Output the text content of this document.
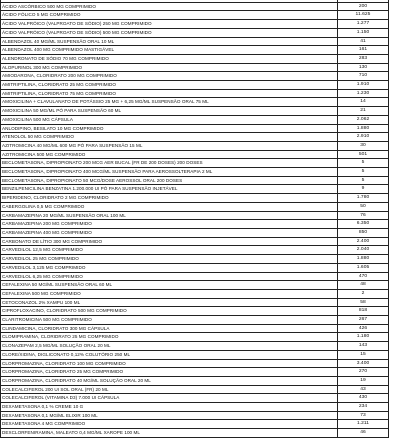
ÁCIDO ASCÓRBICO 500 MG COMPRIMIDO	200
ÁCIDO FÓLICO 5 MG COMPRIMIDO	11.625
ÁCIDO VALPRÓICO (VALPROATO DE SÓDIO) 250 MG COMPRIMIDO	1.277
ÁCIDO VALPRÓICO (VALPROATO DE SÓDIO) 500 MG COMPRIMIDO	1.150
ALBENDAZOL 40 MG/ML SUSPENSÃO ORAL 10 ML	41
ALBENDAZOL 400 MG COMPRIMIDO MASTIGÁVEL	161
ALENDRONATO DE SÓDIO 70 MG COMPRIMIDO	283
ALOPURINOL 300 MG COMPRIMIDO	130
AMIODARONA, CLORIDRATO 200 MG COMPRIMIDO	710
AMITRIPTILINA, CLORIDRATO 25 MG COMPRIMIDO	1.910
AMITRIPTILINA, CLORIDRATO 75 MG COMPRIMIDO	1.230
AMOXICILINA + CLAVULANATO DE POTÁSSIO 25 MG + 6,25 MG/ML SUSPENSÃO ORAL 75 ML	14
AMOXICILINA 50 MG/ML PÓ PARA SUSPENSÃO 60 ML	21
AMOXICILINA 500 MG CÁPSULA	2.062
ANLODIPINO, BESILATO 10 MG COMPRIMIDO	1.880
ATENOLOL 50 MG COMPRIMIDO	2.910
AZITROMICINA 40 MG/ML 600 MG PÓ PARA SUSPENSÃO 15 ML	30
AZITROMICINA 500 MG COMPRIMIDO	501
BECLOMETASONA, DIPROPIONATO 200 MCG AER BUCAL (FR DE 200 DOSES) 200 DOSES	5
BECLOMETASONA, DIPROPIONATO 400 MCG/ML SUSPENSÃO PARA AEROSSOLTERAPIA 2 ML	5
BECLOMETASONA, DIPROPIONATO 50 MCG/DOSE AEROSSOL ORAL 200 DOSES	5
BENZILPENICILINA BENZATINA 1.200.000 UI PÓ PARA SUSPENSÃO INJETÁVEL	9
BIPERIDENO, CLORIDRATO 2 MG COMPRIMIDO	1.780
CABERGOLINA 0,5 MG COMPRIMIDO	50
CARBAMAZEPINA 20 MG/ML SUSPENSÃO ORAL 100 ML	76
CARBAMAZEPINA 200 MG COMPRIMIDO	6.350
CARBAMAZEPINA 400 MG COMPRIMIDO	850
CARBONATO DE LÍTIO 300 MG COMPRIMIDO	2.400
CARVEDILOL 12,5 MG COMPRIMIDO	2.040
CARVEDILOL 25 MG COMPRIMIDO	1.880
CARVEDILOL 3,125 MG COMPRIMIDO	1.605
CARVEDILOL 6,25 MG COMPRIMIDO	470
CEFALEXINA 50 MG/ML SUSPENSÃO ORAL 60 ML	48
CEFALEXINA 500 MG COMPRIMIDO	2
CETOCONAZOL 2% XAMPU 100 ML	58
CIPROFLOXACINO, CLORIDRATO 500 MG COMPRIMIDO	818
CLARITROMICINA 500 MG COMPRIMIDO	267
CLINDAMICINA, CLORIDRATO 300 MG CÁPSULA	426
CLOMIPRAMINA, CLORIDRATO 25 MG COMPRIMIDO	1.180
CLONAZEPAM 2,5 MG/ML SOLUÇÃO ORAL 20 ML	143
CLORE/XIDINA, DIGLICONATO 0,12% COLUTÓRIO 250 ML	15
CLORPROMAZINA, CLORIDRATO 100 MG COMPRIMIDO	3.400
CLORPROMAZINA, CLORIDRATO 25 MG COMPRIMIDO	270
CLORPROMAZINA, CLORIDRATO 40 MG/ML SOLUÇÃO ORAL 20 ML	19
COLECALCIFEROL 200 UI SOL ORAL (FR) 20 ML	43
COLECALCIFEROL (VITAMINA D3) 7.000 UI CÁPSULA	430
DEXAMETASONA 0,1 % CREME 10 G	234
DEXAMETASONA 0,1 MG/ML ELIXIR 100 ML	73
DEXAMETASONA 4 MG COMPRIMIDO	1.211
DEXCLORFENIRAMINA, MALEATO 0,4 MG/ML XAROPE 100 ML	46
